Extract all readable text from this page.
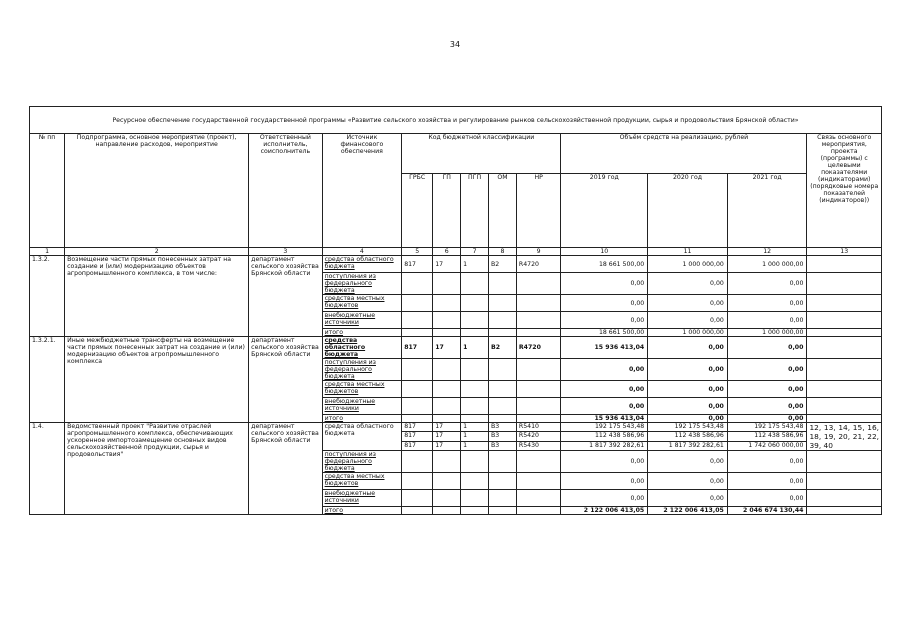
34
Ресурсное обеспечение государственной государственной программы «Развитие сельского хозяйства и регулирование рынков сельскохозяйственной продукции, сырья и продовольствия Брянской области»												
№ пп	Подпрограмма, основное мероприятие (проект), направление расходов, мероприятие	Ответственный исполнитель, соисполнитель	Источник финансового обеспечения	Код бюджетной классификации					Объём средств на реализацию, рублей			Связь основного мероприятия, проекта (программы) с целевыми показателями (индикаторами) (порядковые номера показателей (индикаторов))
				ГРБС	ГП	ПГП	ОМ	НР	2019 год	2020 год	2021 год	
1	2	3	4	5	6	7	8	9	10	11	12	13
1.3.2.	Возмещение части прямых понесенных затрат на создание и (или) модернизацию объектов агропромышленного комплекса, в том числе:	департамент сельского хозяйства Брянской области	средства областного бюджета	817	17	1	В2	R4720	18 661 500,00	1 000 000,00	1 000 000,00	
			поступления из федерального бюджета						0,00	0,00	0,00	
			средства местных бюджетов						0,00	0,00	0,00	
			внебюджетные источники						0,00	0,00	0,00	
			итого						18 661 500,00	1 000 000,00	1 000 000,00	
1.3.2.1.	Иные межбюджетные трансферты на возмещение части прямых понесенных затрат на создание и (или) модернизацию объектов агропромышленного комплекса	департамент сельского хозяйства Брянской области	средства областного бюджета	817	17	1	В2	R4720	15 936 413,04	0,00	0,00	
			поступления из федерального бюджета						0,00	0,00	0,00	
			средства местных бюджетов						0,00	0,00	0,00	
			внебюджетные источники						0,00	0,00	0,00	
			итого						15 936 413,04	0,00	0,00	
1.4.	Ведомственный проект "Развитие отраслей агропромышленного комплекса, обеспечивающих ускоренное импортозамещение основных видов сельскохозяйственной продукции, сырья и продовольствия"	департамент сельского хозяйства Брянской области	средства областного бюджета	817	17	1	В3	R5410	192 175 543,48	192 175 543,48	192 175 543,48	12, 13, 14, 15, 16, 18, 19, 20, 21, 22, 39, 40
				817	17	1	В3	R5420	112 438 586,96	112 438 586,96	112 438 586,96	
				817	17	1	В3	R5430	1 817 392 282,61	1 817 392 282,61	1 742 060 000,00	
			поступления из федерального бюджета						0,00	0,00	0,00	
			средства местных бюджетов						0,00	0,00	0,00	
			внебюджетные источники						0,00	0,00	0,00	
			итого						2 122 006 413,05	2 122 006 413,05	2 046 674 130,44	
